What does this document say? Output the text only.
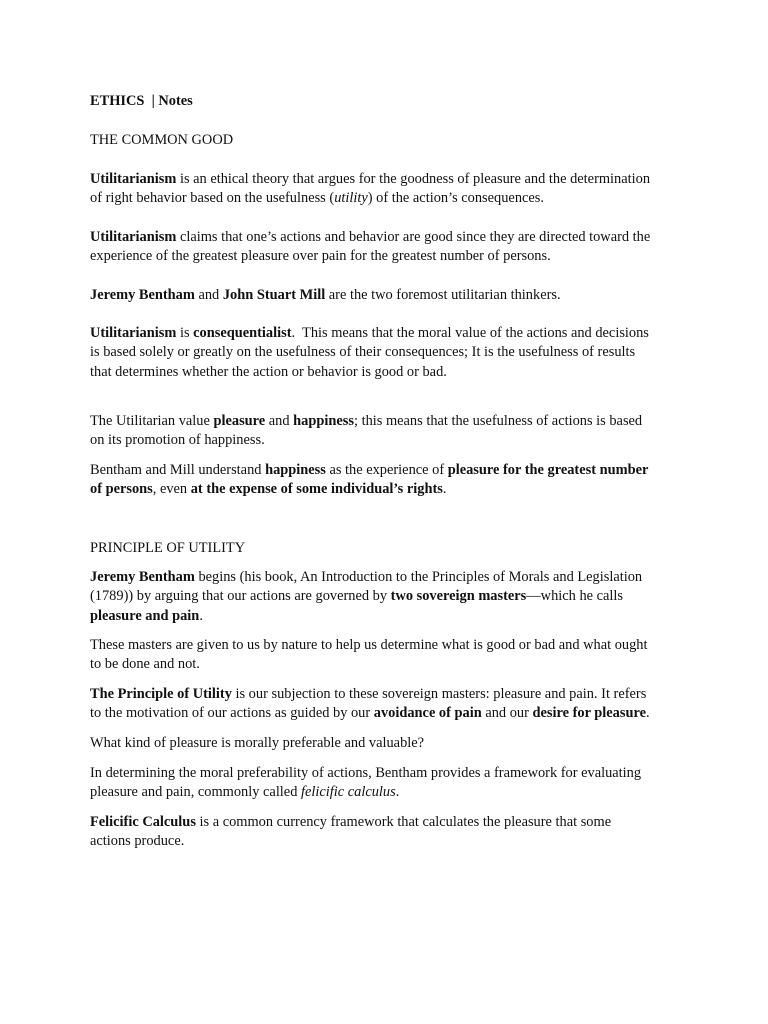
ETHICS | Notes

THE COMMON GOOD

Utilitarianism is an ethical theory that argues for the goodness of pleasure and the determination
of right behavior based on the usefulness (utility) of the action’s consequences.

Utilitarianism claims that one’s actions and behavior are good since they are directed toward the
experience of the greatest pleasure over pain for the greatest number of persons.

Jeremy Bentham and John Stuart Mill are the two foremost utilitarian thinkers.

Utilitarianism is consequentialist.  This means that the moral value of the actions and decisions
is based solely or greatly on the usefulness of their consequences; It is the usefulness of results
that determines whether the action or behavior is good or bad.

The Utilitarian value pleasure and happiness; this means that the usefulness of actions is based
on its promotion of happiness.

Bentham and Mill understand happiness as the experience of pleasure for the greatest number
of persons, even at the expense of some individual’s rights.

PRINCIPLE OF UTILITY

Jeremy Bentham begins (his book, An Introduction to the Principles of Morals and Legislation
(1789)) by arguing that our actions are governed by two sovereign masters—which he calls
pleasure and pain.

These masters are given to us by nature to help us determine what is good or bad and what ought
to be done and not.

The Principle of Utility is our subjection to these sovereign masters: pleasure and pain. It refers
to the motivation of our actions as guided by our avoidance of pain and our desire for pleasure.

What kind of pleasure is morally preferable and valuable?

In determining the moral preferability of actions, Bentham provides a framework for evaluating
pleasure and pain, commonly called felicific calculus.

Felicific Calculus is a common currency framework that calculates the pleasure that some
actions produce.
